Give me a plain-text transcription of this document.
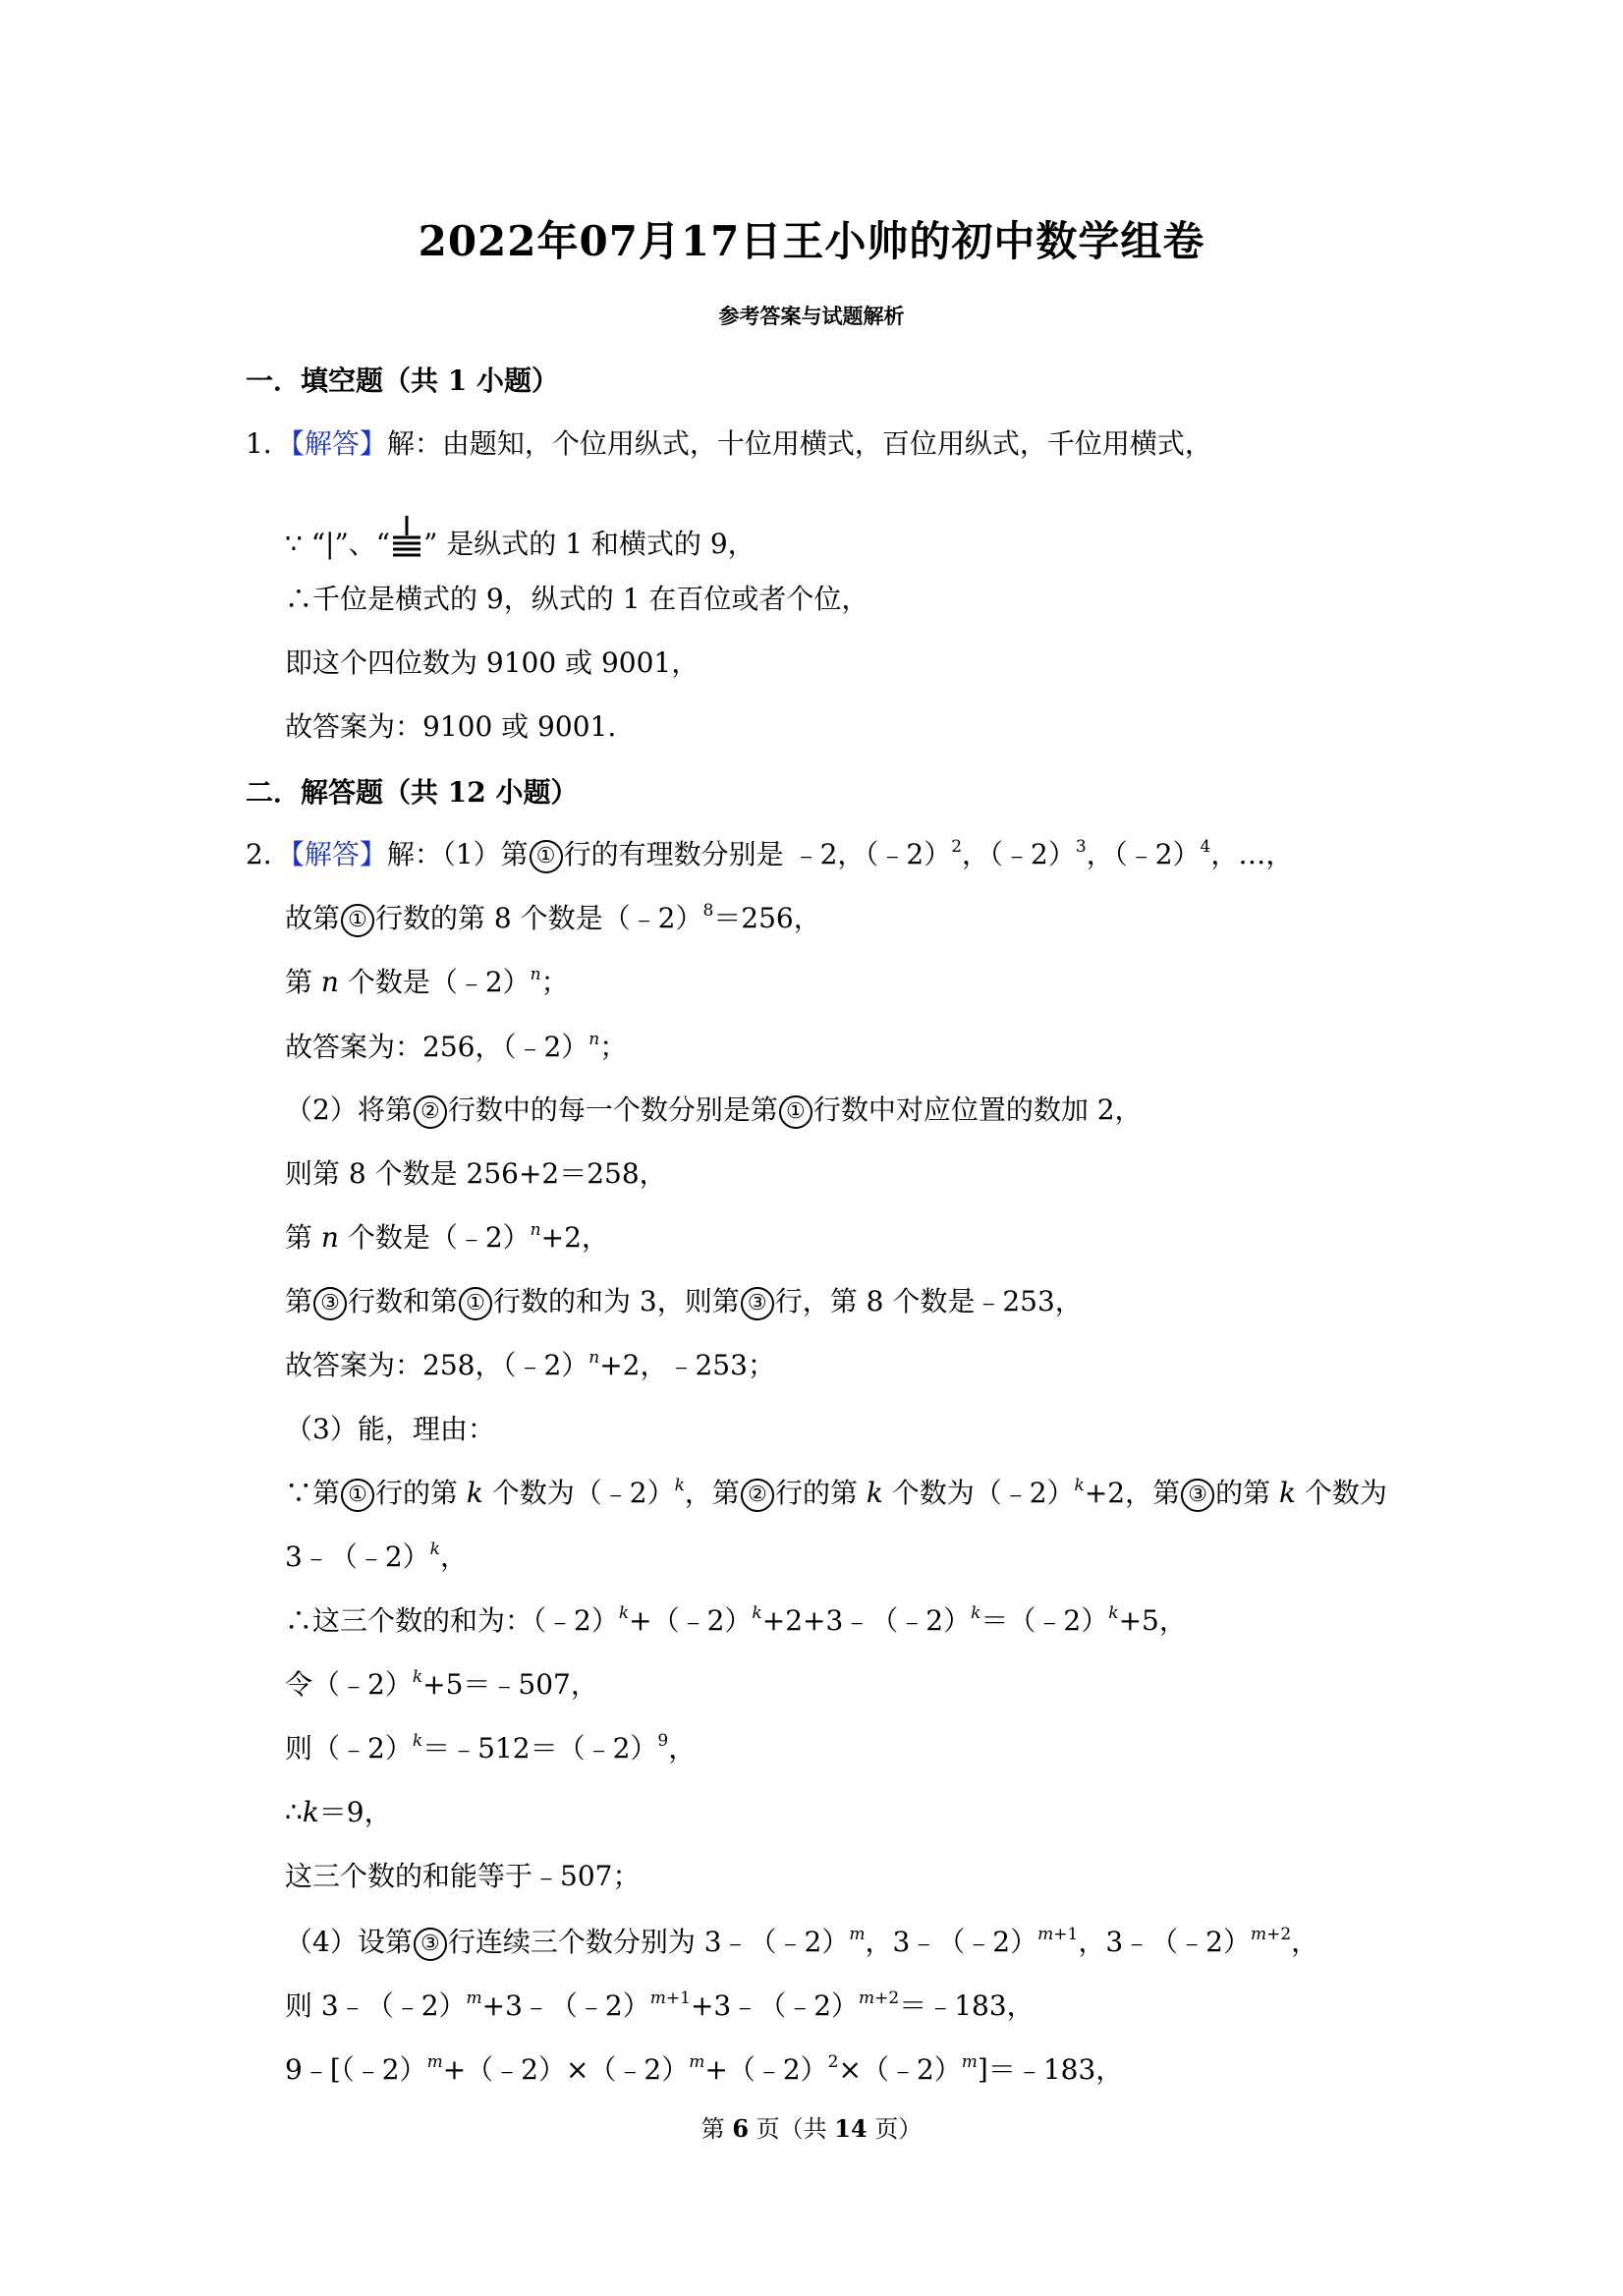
2022年07月17日王小帅的初中数学组卷
参考答案与试题解析
一．填空题（共 1 小题）
1．【解答】解：由题知，个位用纵式，十位用横式，百位用纵式，千位用横式，
∵ “|”、“ ” 是纵式的 1 和横式的 9，
∴千位是横式的 9，纵式的 1 在百位或者个位，
即这个四位数为 9100 或 9001，
故答案为：9100 或 9001.
二．解答题（共 12 小题）
2．【解答】解：（1）第 ① 行的有理数分别是 ﹣2，（﹣2）$^2$，（﹣2）$^3$，（﹣2）$^4$，…，
故第 ① 行数的第 8 个数是（﹣2）$^8$＝256，
第 n 个数是（﹣2）$^n$；
故答案为：256，（﹣2）$^n$；
（2）将第 ② 行数中的每一个数分别是第 ① 行数中对应位置的数加 2，
则第 8 个数是 256+2＝258，
第 n 个数是（﹣2）$^n$+2，
第 ③ 行数和第 ① 行数的和为 3，则第 ③ 行，第 8 个数是﹣253，
故答案为：258，（﹣2）$^n$+2，﹣253；
（3）能，理由：
∵第 ① 行的第 k 个数为（﹣2）$^k$，第 ② 行的第 k 个数为（﹣2）$^k$+2，第 ③ 的第 k 个数为
3﹣（﹣2）$^k$，
∴这三个数的和为：（﹣2）$^k$+（﹣2）$^k$+2+3﹣（﹣2）$^k$＝（﹣2）$^k$+5，
令（﹣2）$^k$+5＝﹣507，
则（﹣2）$^k$＝﹣512＝（﹣2）$^9$，
∴k＝9，
这三个数的和能等于﹣507；
（4）设第 ③ 行连续三个数分别为 3﹣（﹣2）$^m$，3﹣（﹣2）$^{m+1}$，3﹣（﹣2）$^{m+2}$，
则 3﹣（﹣2）$^m$+3﹣（﹣2）$^{m+1}$+3﹣（﹣2）$^{m+2}$＝﹣183，
9﹣[（﹣2）$^m$+（﹣2）×（﹣2）$^m$+（﹣2）$^2$×（﹣2）$^m$]＝﹣183，
第 6 页（共 14 页）
